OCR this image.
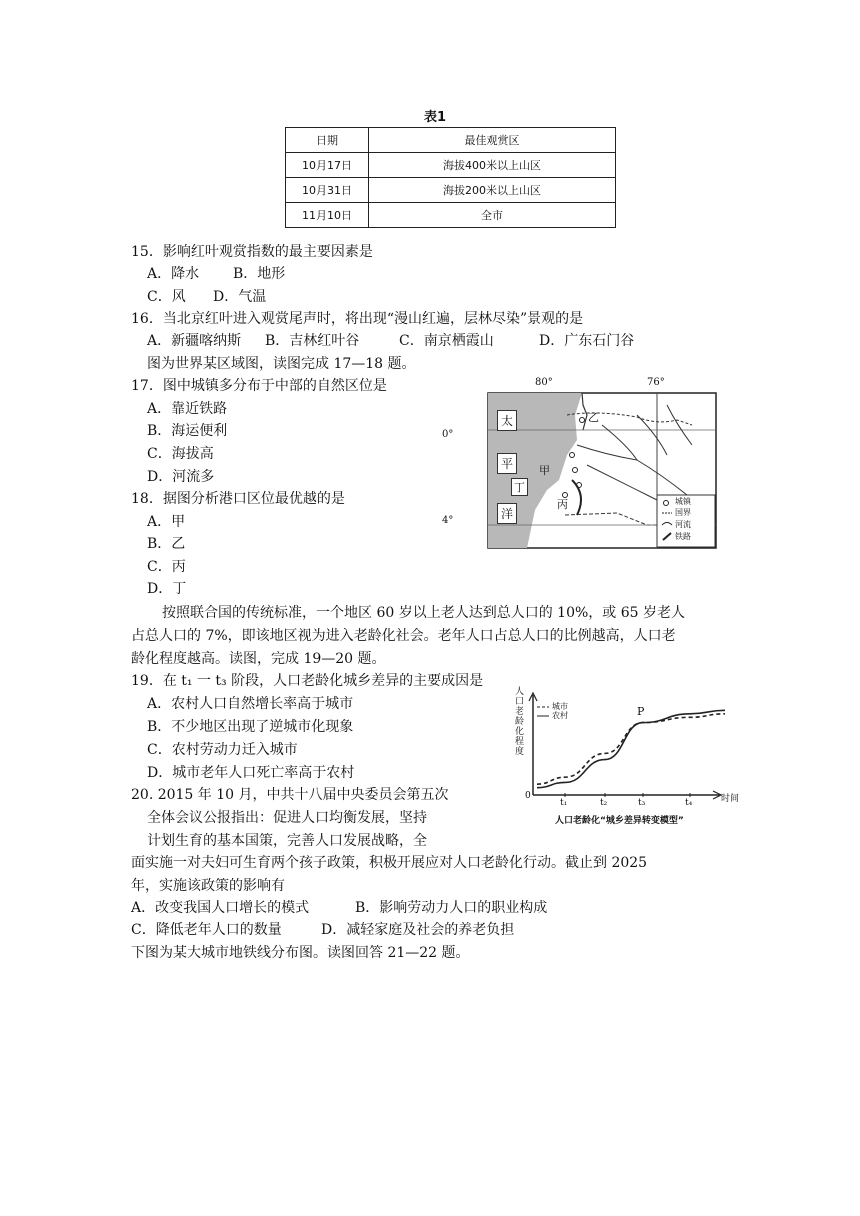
表1
日期	最佳观赏区
10月17日	海拔400米以上山区
10月31日	海拔200米以上山区
11月10日	全市
15．影响红叶观赏指数的最主要因素是
A．降水 B．地形
C．风 D．气温
16．当北京红叶进入观赏尾声时，将出现“漫山红遍，层林尽染”景观的是
A．新疆喀纳斯 B．吉林红叶谷	C．南京栖霞山	D．广东石门谷
图为世界某区域图，读图完成 17—18 题。
17．图中城镇多分布于中部的自然区位是
A．靠近铁路
B．海运便利
C．海拔高
D．河流多
18．据图分析港口区位最优越的是
A．甲
B．乙
C．丙
D．丁
80°	76°
0°
4°
太
平
洋
甲
乙
丙
丁
城镇
国界
河流
铁路
按照联合国的传统标准，一个地区 60 岁以上老人达到总人口的 10%，或 65 岁老人
占总人口的 7%，即该地区视为进入老龄化社会。老年人口占总人口的比例越高，人口老
龄化程度越高。读图，完成 19—20 题。
19．在 t₁ 一 t₃ 阶段，人口老龄化城乡差异的主要成因是
A．农村人口自然增长率高于城市
B．不少地区出现了逆城市化现象
C．农村劳动力迁入城市
D．城市老年人口死亡率高于农村
人口老龄化程度
城市
农村
0	时间
人口老龄化“城乡差异转变模型”
t₁	t₂	t₃	t₄
P
20. 2015 年 10 月，中共十八届中央委员会第五次
全体会议公报指出：促进人口均衡发展，坚持
计划生育的基本国策，完善人口发展战略，全
面实施一对夫妇可生育两个孩子政策，积极开展应对人口老龄化行动。截止到 2025
年，实施该政策的影响有
A．改变我国人口增长的模式	B．影响劳动力人口的职业构成
C．降低老年人口的数量	D．减轻家庭及社会的养老负担
下图为某大城市地铁线分布图。读图回答 21—22 题。
